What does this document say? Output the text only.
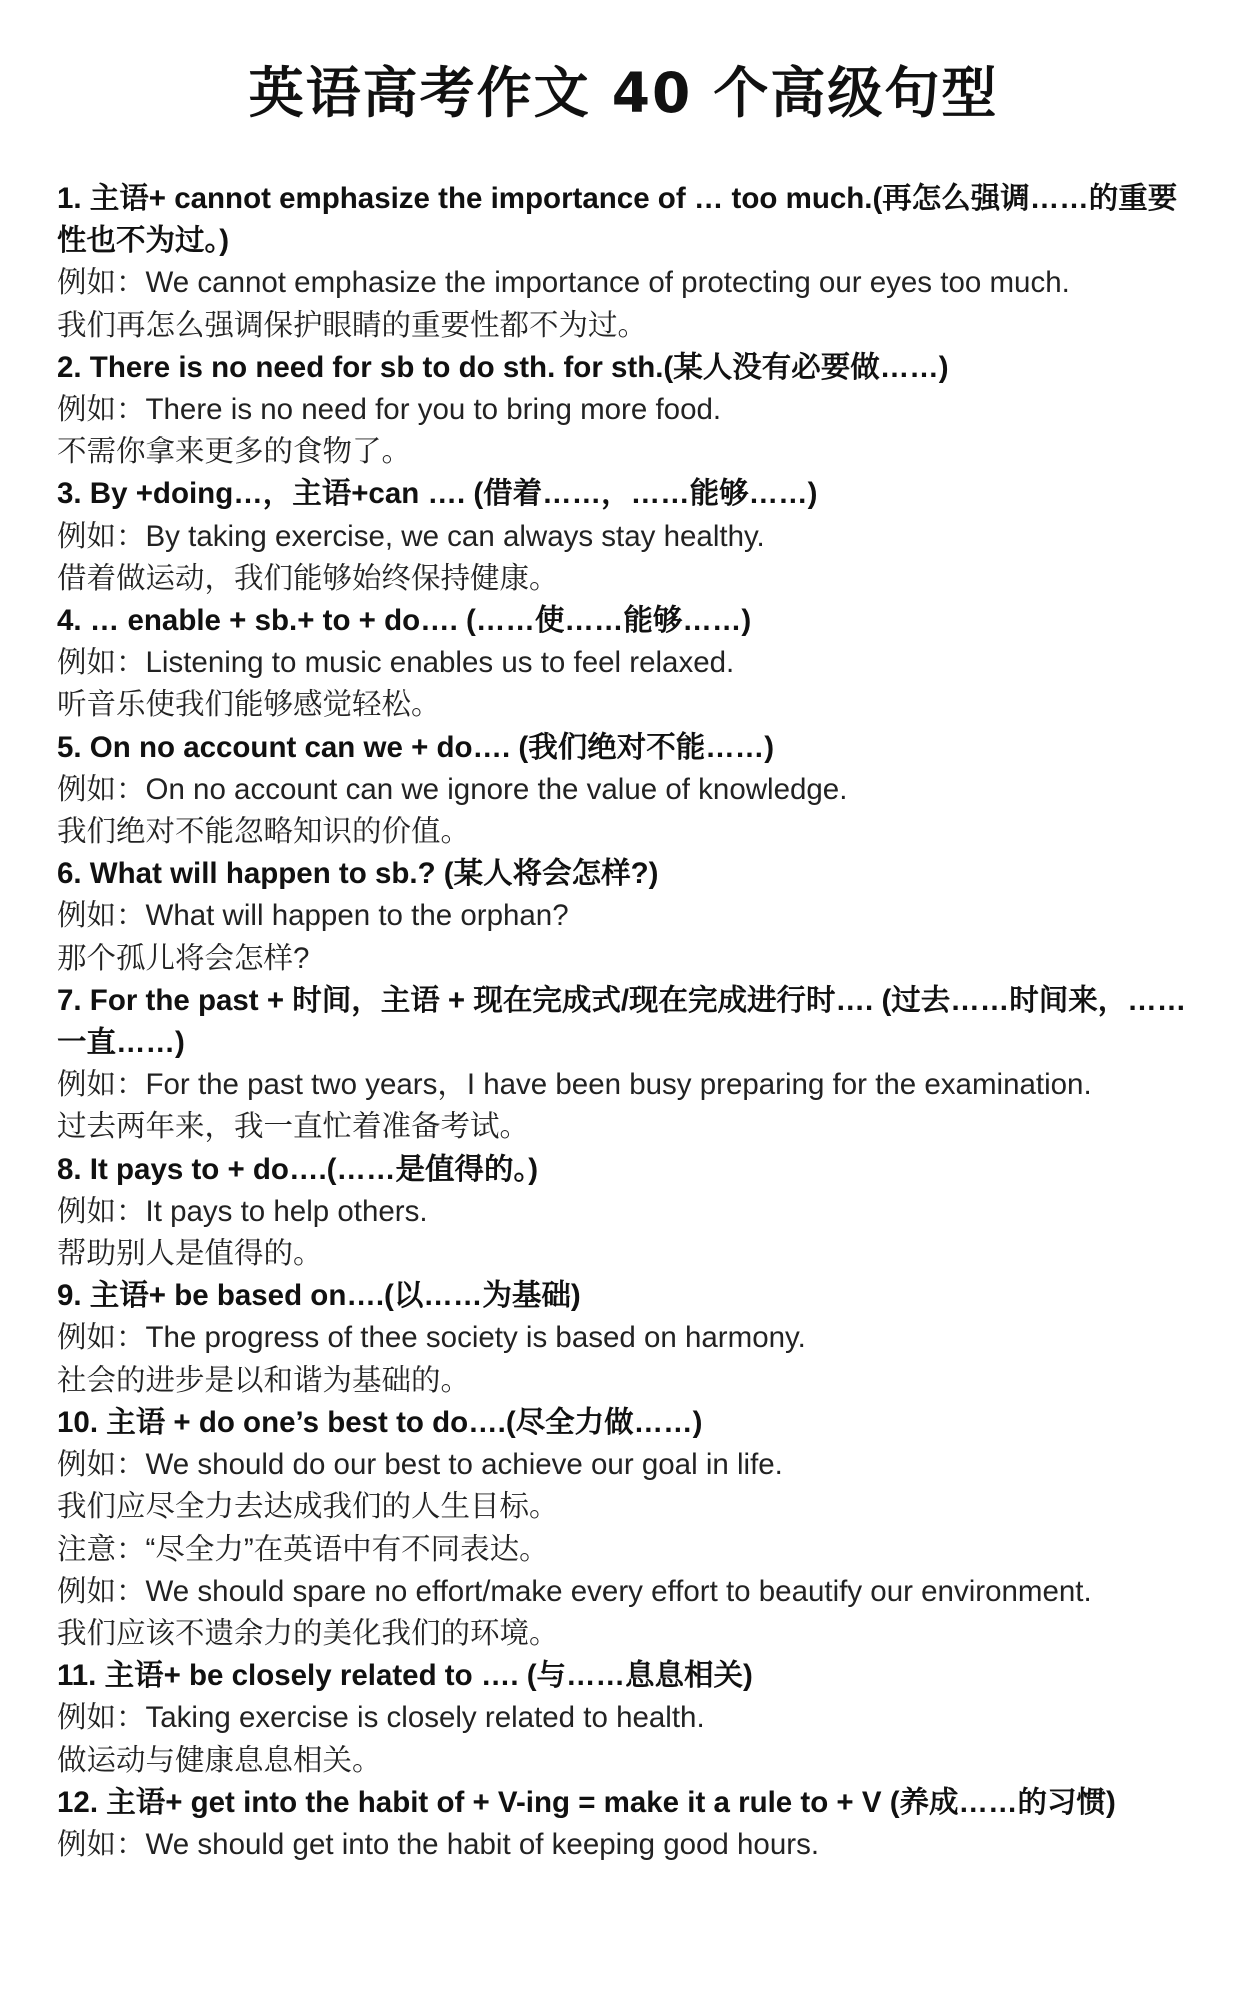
英语高考作文 40 个高级句型
1. 主语+ cannot emphasize the importance of … too much.(再怎么强调……的重要性也不为过。)
例如：We cannot emphasize the importance of protecting our eyes too much.
我们再怎么强调保护眼睛的重要性都不为过。
2. There is no need for sb to do sth. for sth.(某人没有必要做……)
例如：There is no need for you to bring more food.
不需你拿来更多的食物了。
3. By +doing…，主语+can …. (借着……，……能够……)
例如：By taking exercise, we can always stay healthy.
借着做运动，我们能够始终保持健康。
4. … enable + sb.+ to + do…. (……使……能够……)
例如：Listening to music enables us to feel relaxed.
听音乐使我们能够感觉轻松。
5. On no account can we + do…. (我们绝对不能……)
例如：On no account can we ignore the value of knowledge.
我们绝对不能忽略知识的价值。
6. What will happen to sb.? (某人将会怎样?)
例如：What will happen to the orphan?
那个孤儿将会怎样?
7. For the past + 时间，主语 + 现在完成式/现在完成进行时…. (过去……时间来，……一直……)
例如：For the past two years，I have been busy preparing for the examination.
过去两年来，我一直忙着准备考试。
8. It pays to + do….(……是值得的。)
例如：It pays to help others.
帮助别人是值得的。
9. 主语+ be based on….(以……为基础)
例如：The progress of thee society is based on harmony.
社会的进步是以和谐为基础的。
10. 主语 + do one’s best to do….(尽全力做……)
例如：We should do our best to achieve our goal in life.
我们应尽全力去达成我们的人生目标。
注意：“尽全力”在英语中有不同表达。
例如：We should spare no effort/make every effort to beautify our environment.
我们应该不遗余力的美化我们的环境。
11. 主语+ be closely related to …. (与……息息相关)
例如：Taking exercise is closely related to health.
做运动与健康息息相关。
12. 主语+ get into the habit of + V-ing = make it a rule to + V (养成……的习惯)
例如：We should get into the habit of keeping good hours.
